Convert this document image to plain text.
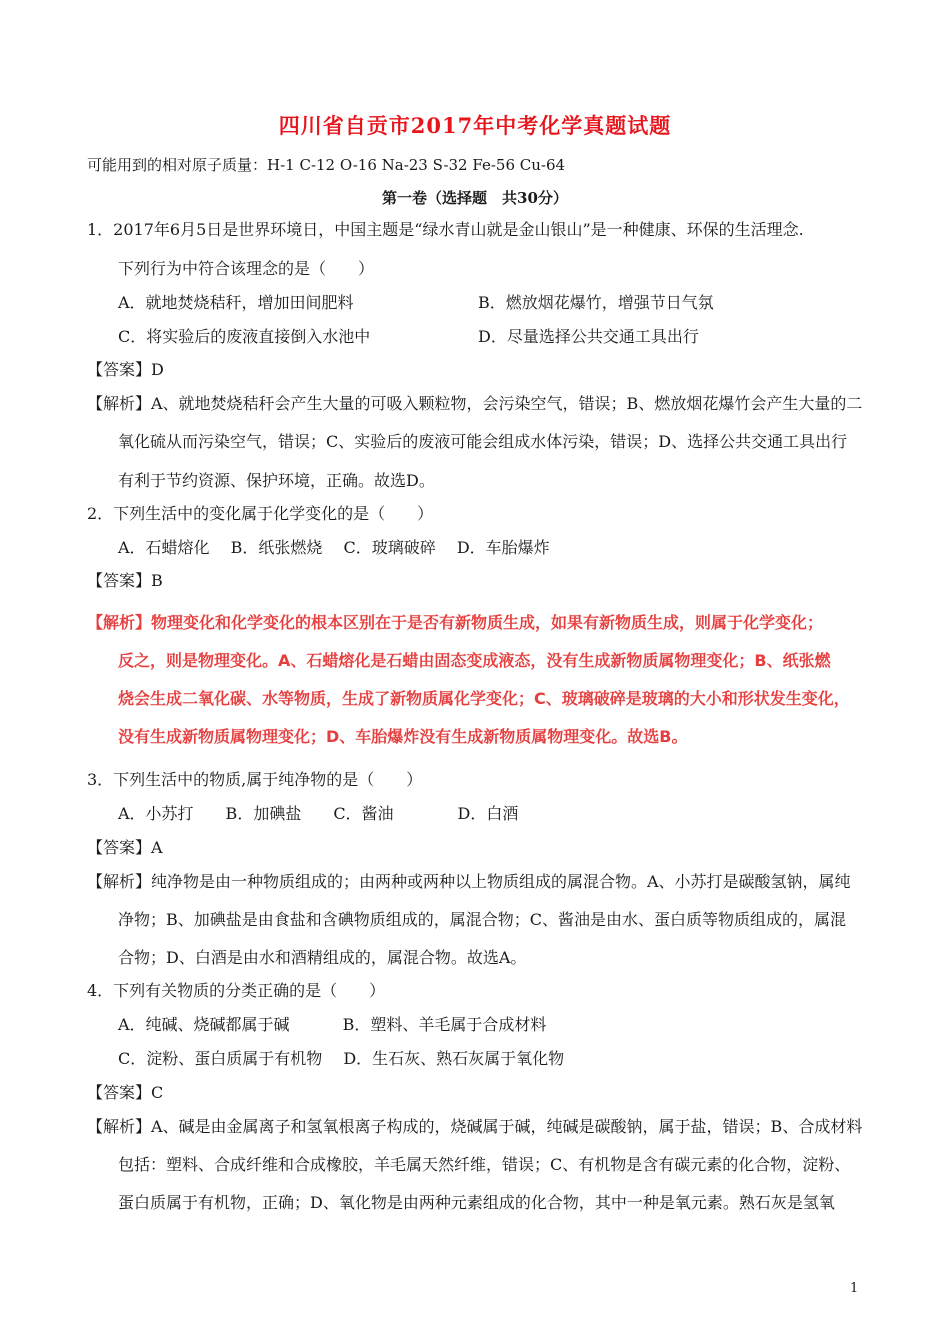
四川省自贡市2017年中考化学真题试题
可能用到的相对原子质量：H-1 C-12 O-16 Na-23 S-32 Fe-56 Cu-64
第一卷（选择题　共30分）
1．2017年6月5日是世界环境日，中国主题是“绿水青山就是金山银山”是一种健康、环保的生活理念.
下列行为中符合该理念的是（　　）
A．就地焚烧秸秆，增加田间肥料	B．燃放烟花爆竹，增强节日气氛
C．将实验后的废液直接倒入水池中	D．尽量选择公共交通工具出行
【答案】D
【解析】A、就地焚烧秸秆会产生大量的可吸入颗粒物，会污染空气，错误；B、燃放烟花爆竹会产生大量的二
氧化硫从而污染空气，错误；C、实验后的废液可能会组成水体污染，错误；D、选择公共交通工具出行
有利于节约资源、保护环境，正确。故选D。
2．下列生活中的变化属于化学变化的是（　　）
A．石蜡熔化　 B．纸张燃烧　 C．玻璃破碎　 D．车胎爆炸
【答案】B
【解析】物理变化和化学变化的根本区别在于是否有新物质生成，如果有新物质生成，则属于化学变化；
反之，则是物理变化。A、石蜡熔化是石蜡由固态变成液态，没有生成新物质属物理变化；B、纸张燃
烧会生成二氧化碳、水等物质，生成了新物质属化学变化；C、玻璃破碎是玻璃的大小和形状发生变化，
没有生成新物质属物理变化；D、车胎爆炸没有生成新物质属物理变化。故选B。
3．下列生活中的物质,属于纯净物的是（　　）
A．小苏打　　B．加碘盐　　C．酱油　　　　D．白酒
【答案】A
【解析】纯净物是由一种物质组成的；由两种或两种以上物质组成的属混合物。A、小苏打是碳酸氢钠，属纯
净物；B、加碘盐是由食盐和含碘物质组成的，属混合物；C、酱油是由水、蛋白质等物质组成的，属混
合物；D、白酒是由水和酒精组成的，属混合物。故选A。
4．下列有关物质的分类正确的是（　　）
A．纯碱、烧碱都属于碱　　　 B．塑料、羊毛属于合成材料
C．淀粉、蛋白质属于有机物　 D．生石灰、熟石灰属于氧化物
【答案】C
【解析】A、碱是由金属离子和氢氧根离子构成的，烧碱属于碱，纯碱是碳酸钠，属于盐，错误；B、合成材料
包括：塑料、合成纤维和合成橡胶，羊毛属天然纤维，错误；C、有机物是含有碳元素的化合物，淀粉、
蛋白质属于有机物，正确；D、氧化物是由两种元素组成的化合物，其中一种是氧元素。熟石灰是氢氧
1
